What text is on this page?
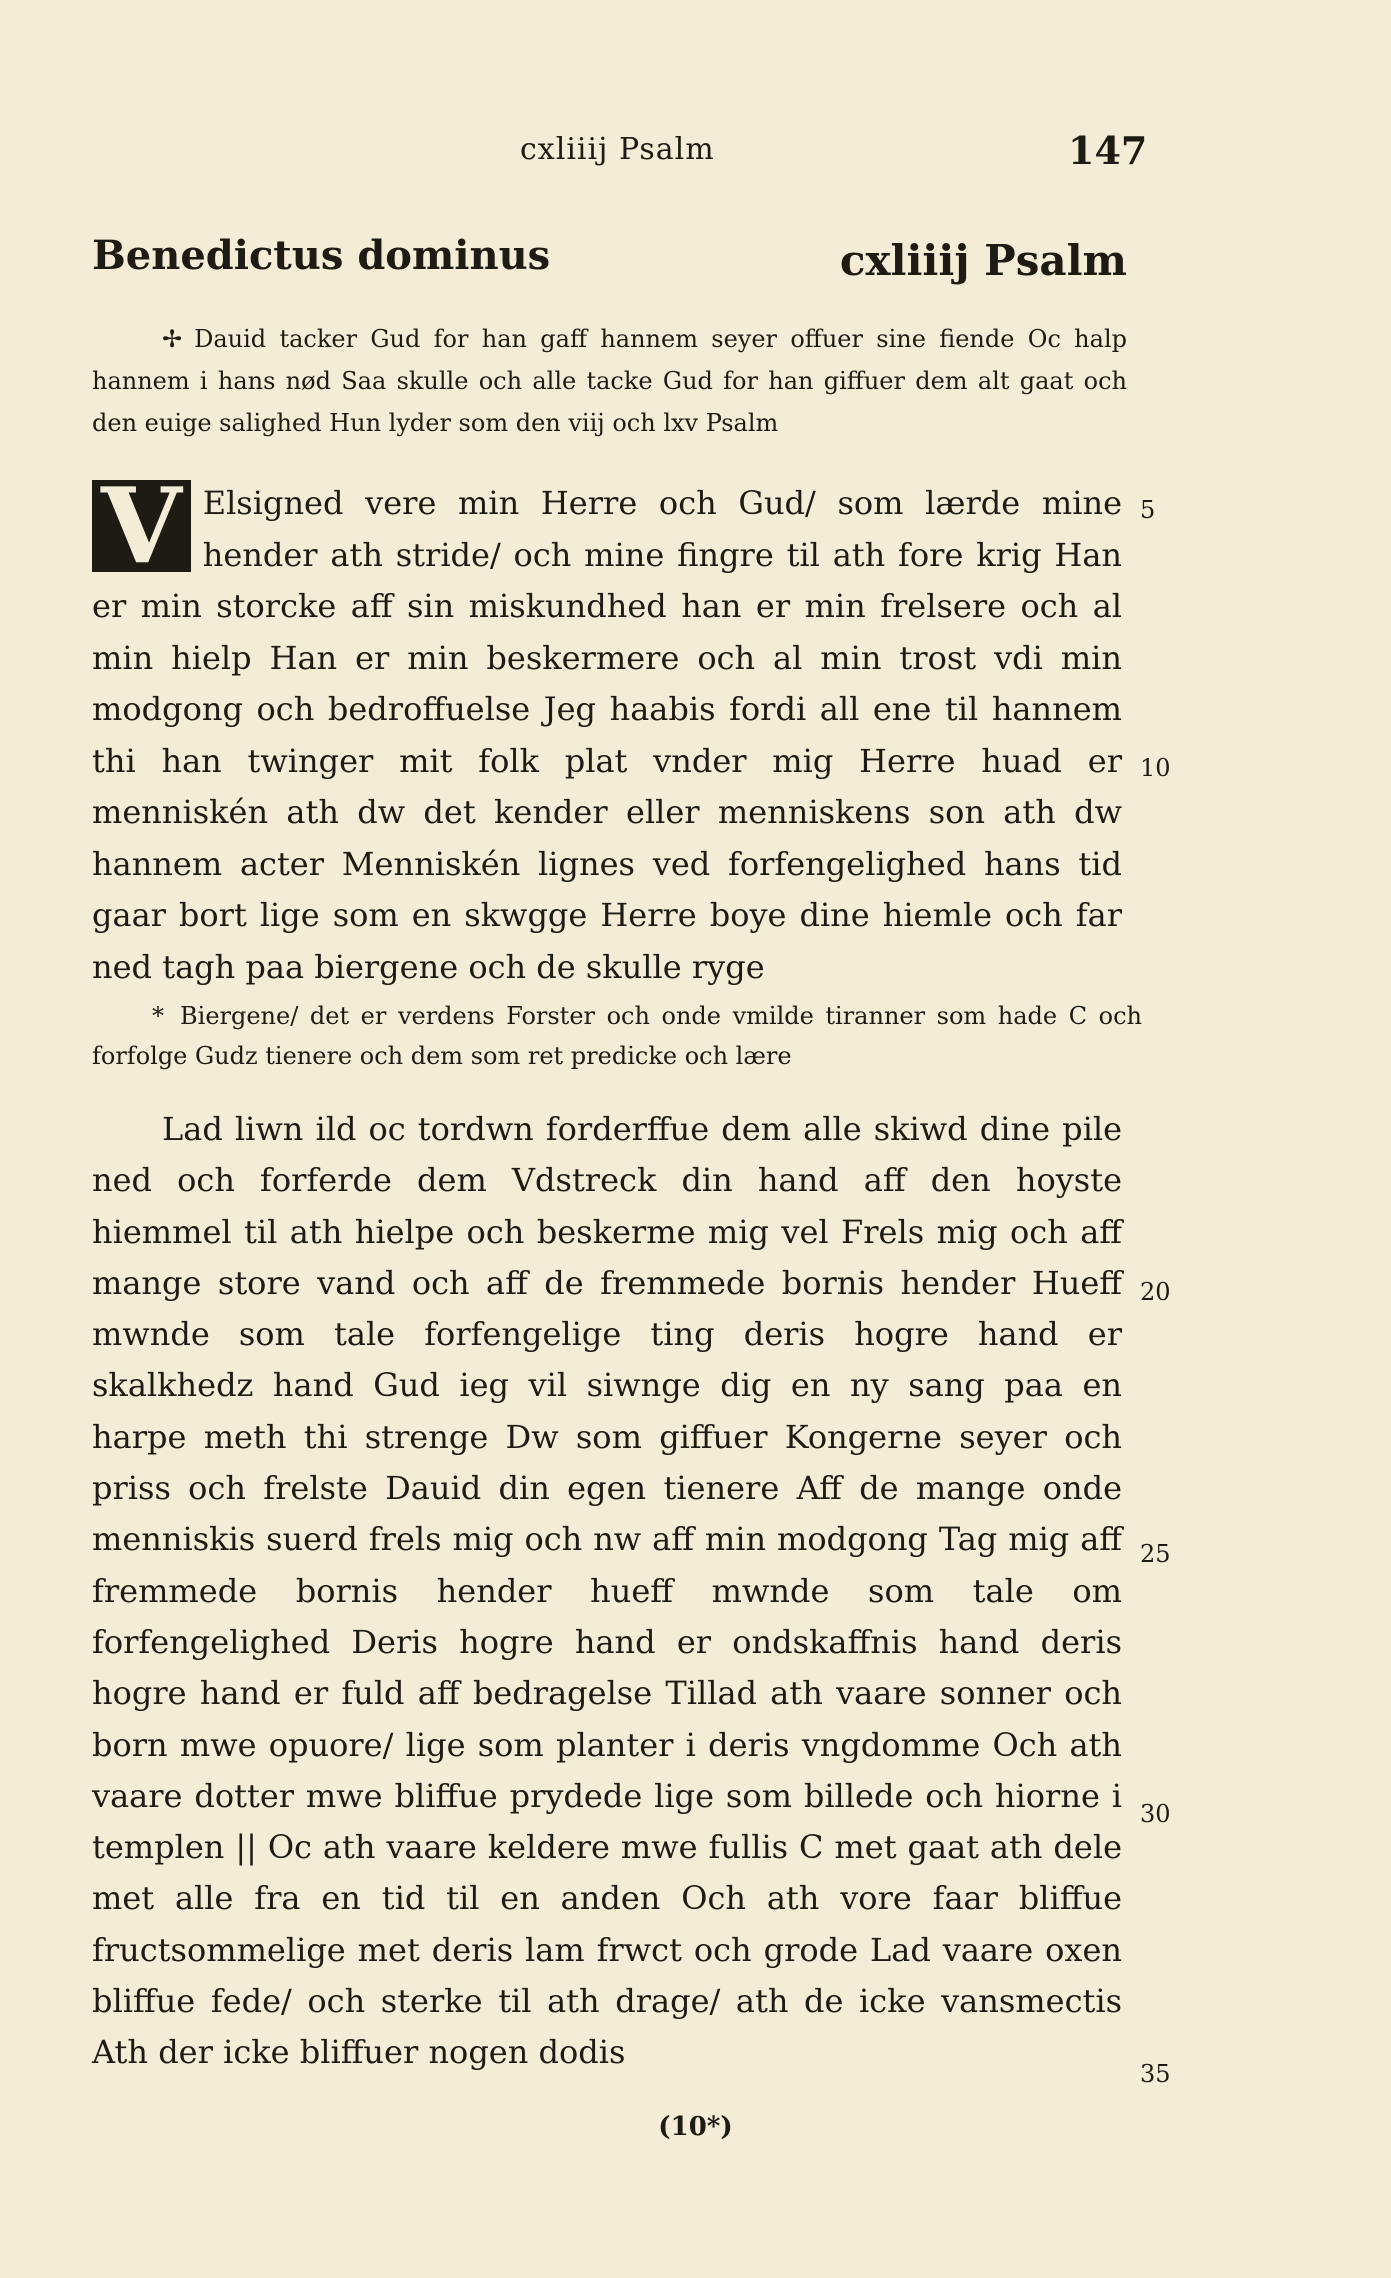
cxliiij Psalm	147
Benedictus dominus	cxliiij Psalm
✢ Dauid tacker Gud for han gaff hannem seyer offuer sine fiende Oc halp hannem i hans nød Saa skulle och alle tacke Gud for han giffuer dem alt gaat och den euige salighed Hun lyder som den viij och lxv Psalm
V Elsigned vere min Herre och Gud/ som lærde mine hender ath stride/ och mine fingre til ath fore krig Han er min storcke aff sin miskundhed han er min frelsere och al min hielp Han er min beskermere och al min trost vdi min modgong och bedroffuelse Jeg haabis fordi all ene til hannem thi han twinger mit folk plat vnder mig Herre huad er menniskén ath dw det kender eller menniskens son ath dw hannem acter Menniskén lignes ved forfengelighed hans tid gaar bort lige som en skwgge Herre boye dine hiemle och far ned tagh paa biergene och de skulle ryge
* Biergene/ det er verdens Forster och onde vmilde tiranner som hade C och forfolge Gudz tienere och dem som ret predicke och lære
Lad liwn ild oc tordwn forderffue dem alle skiwd dine pile ned och forferde dem Vdstreck din hand aff den hoyste hiemmel til ath hielpe och beskerme mig vel Frels mig och aff mange store vand och aff de fremmede bornis hender Hueff mwnde som tale forfengelige ting deris hogre hand er skalkhedz hand Gud ieg vil siwnge dig en ny sang paa en harpe meth thi strenge Dw som giffuer Kongerne seyer och priss och frelste Dauid din egen tienere Aff de mange onde menniskis suerd frels mig och nw aff min modgong Tag mig aff fremmede bornis hender hueff mwnde som tale om forfengelighed Deris hogre hand er ondskaffnis hand deris hogre hand er fuld aff bedragelse Tillad ath vaare sonner och born mwe opuore/ lige som planter i deris vngdomme Och ath vaare dotter mwe bliffue prydede lige som billede och hiorne i templen || Oc ath vaare keldere mwe fullis C met gaat ath dele met alle fra en tid til en anden Och ath vore faar bliffue fructsommelige met deris lam frwct och grode Lad vaare oxen bliffue fede/ och sterke til ath drage/ ath de icke vansmectis Ath der icke bliffuer nogen dodis
5
10
20
25
30
35
(10*)
